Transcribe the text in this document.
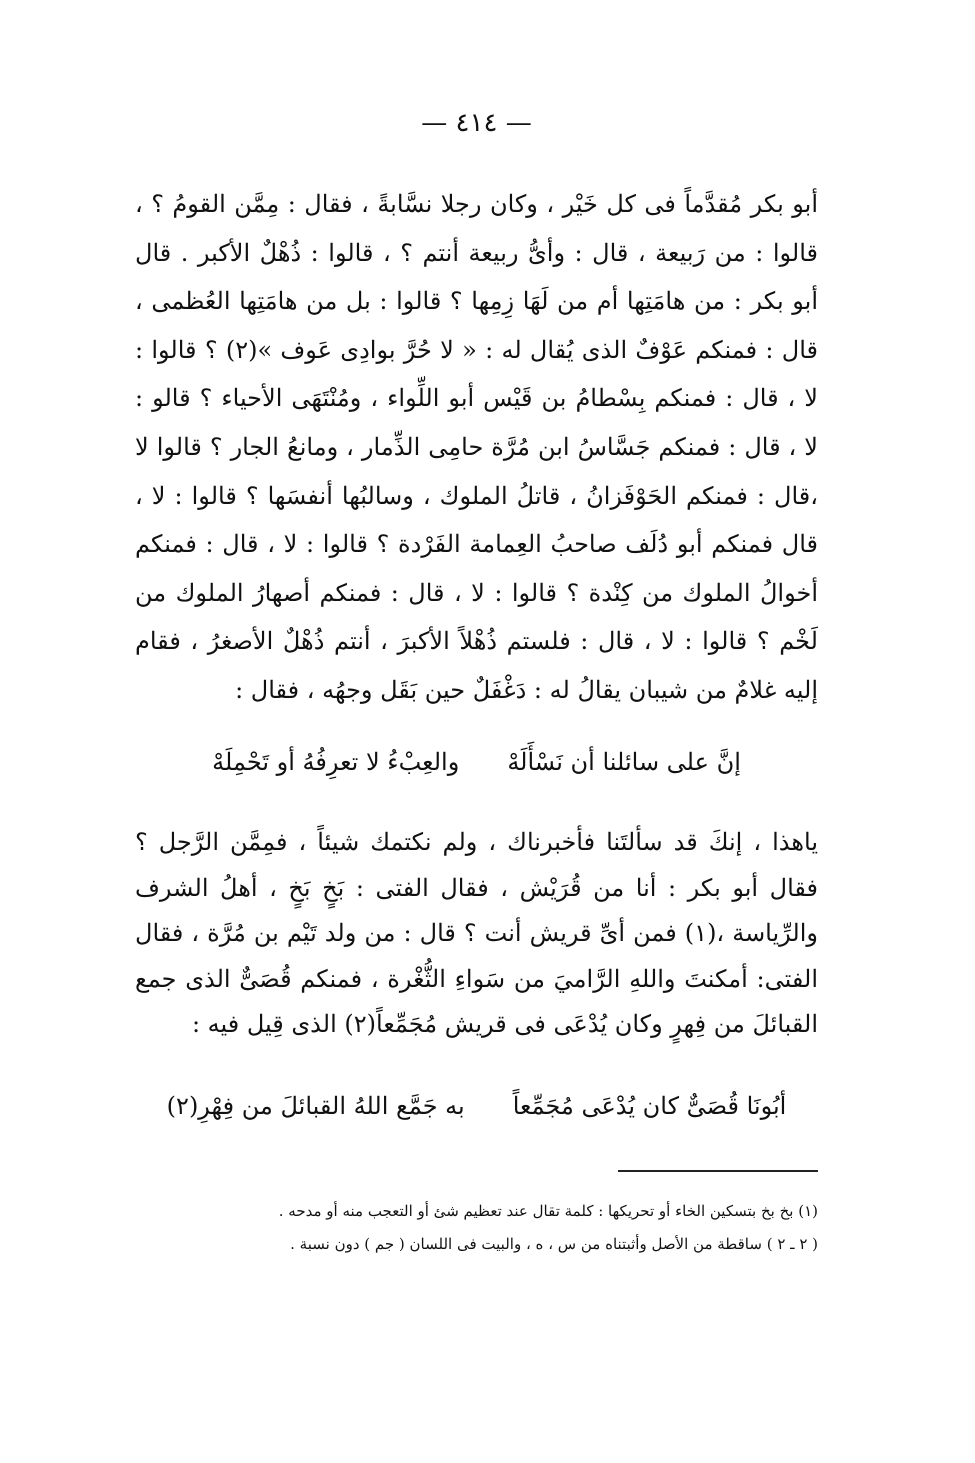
— ٤١٤ —

أبو بكر مُقدَّماً فى كل خَيْر ، وكان رجلا نسَّابةً ، فقال : مِمَّن القومُ ؟ ، قالوا : من رَبيعة ، قال : وأىُّ ربيعة أنتم ؟ ، قالوا : ذُهْلٌ الأكبر . قال أبو بكر : من هامَتِها أم من لَهَا زِمِها ؟ قالوا : بل من هامَتِها العُظمى ، قال : فمنكم عَوْفٌ الذى يُقال له : « لا حُرَّ بوادِى عَوف »(٢) ؟ قالوا : لا ، قال : فمنكم بِسْطامُ بن قَيْس أبو اللِّواء ، ومُنْتَهَى الأحياء ؟ قالو : لا ، قال : فمنكم جَسَّاسُ ابن مُرَّة حامِى الذِّمار ، ومانعُ الجار ؟ قالوا لا ،قال : فمنكم الحَوْفَزانُ ، قاتلُ الملوك ، وسالبُها أنفسَها ؟ قالوا : لا ، قال فمنكم أبو دُلَف صاحبُ العِمامة الفَرْدة ؟ قالوا : لا ، قال : فمنكم أخوالُ الملوك من كِنْدة ؟ قالوا : لا ، قال : فمنكم أصهارُ الملوك من لَخْم ؟ قالوا : لا ، قال : فلستم ذُهْلاً الأكبرَ ، أنتم ذُهْلٌ الأصغرُ ، فقام إليه غلامٌ من شيبان يقالُ له : دَغْفَلٌ حين بَقَل وجهُه ، فقال :

إنَّ على سائلنا أن نَسْأَلَهْ
والعِبْءُ لا تعرِفُهُ أو تَحْمِلَهْ

ياهذا ، إنكَ قد سألتَنا فأخبرناك ، ولم نكتمك شيئاً ، فمِمَّن الرَّجل ؟ فقال أبو بكر : أنا من قُرَيْش ، فقال الفتى : بَخٍ بَخٍ ، أهلُ الشرف والرِّياسة ،(١) فمن أىِّ قريش أنت ؟ قال : من ولد تَيْم بن مُرَّة ، فقال الفتى: أمكنتَ واللهِ الرَّاميَ من سَواءِ الثُّغْرة ، فمنكم قُصَىٌّ الذى جمع القبائلَ من فِهرٍ وكان يُدْعَى فى قريش مُجَمِّعاً(٢) الذى قِيل فيه :

أبُونَا قُصَىٌّ كان يُدْعَى مُجَمِّعاً
به جَمَّع اللهُ القبائلَ من فِهْرِ(٢)

(١) بخ بخ بتسكين الخاء أو تحريكها : كلمة تقال عند تعظيم شئ أو التعجب منه أو مدحه .

( ٢ ـ ٢ ) ساقطة من الأصل وأثبتناه من س ، ه ، والبيت فى اللسان ( جم ) دون نسبة .
